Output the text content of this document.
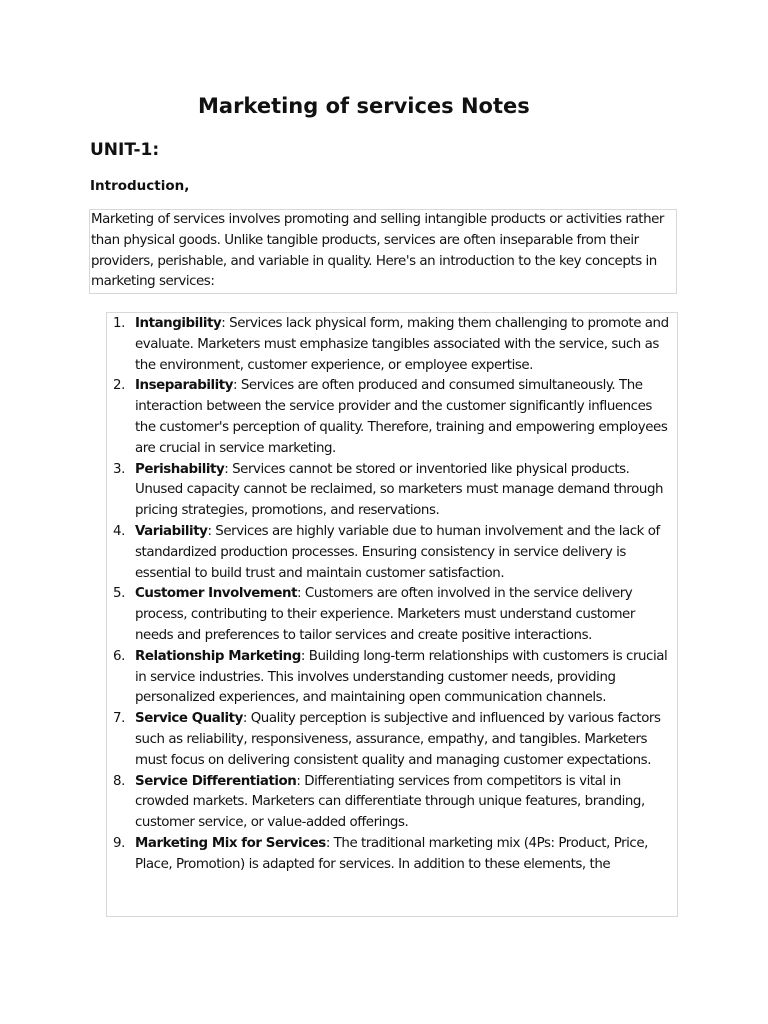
Marketing of services Notes
UNIT-1:
Introduction,

Marketing of services involves promoting and selling intangible products or activities rather than physical goods. Unlike tangible products, services are often inseparable from their providers, perishable, and variable in quality. Here's an introduction to the key concepts in marketing services:

1. Intangibility: Services lack physical form, making them challenging to promote and evaluate. Marketers must emphasize tangibles associated with the service, such as the environment, customer experience, or employee expertise.
2. Inseparability: Services are often produced and consumed simultaneously. The interaction between the service provider and the customer significantly influences the customer's perception of quality. Therefore, training and empowering employees are crucial in service marketing.
3. Perishability: Services cannot be stored or inventoried like physical products. Unused capacity cannot be reclaimed, so marketers must manage demand through pricing strategies, promotions, and reservations.
4. Variability: Services are highly variable due to human involvement and the lack of standardized production processes. Ensuring consistency in service delivery is essential to build trust and maintain customer satisfaction.
5. Customer Involvement: Customers are often involved in the service delivery process, contributing to their experience. Marketers must understand customer needs and preferences to tailor services and create positive interactions.
6. Relationship Marketing: Building long-term relationships with customers is crucial in service industries. This involves understanding customer needs, providing personalized experiences, and maintaining open communication channels.
7. Service Quality: Quality perception is subjective and influenced by various factors such as reliability, responsiveness, assurance, empathy, and tangibles. Marketers must focus on delivering consistent quality and managing customer expectations.
8. Service Differentiation: Differentiating services from competitors is vital in crowded markets. Marketers can differentiate through unique features, branding, customer service, or value-added offerings.
9. Marketing Mix for Services: The traditional marketing mix (4Ps: Product, Price, Place, Promotion) is adapted for services. In addition to these elements, the
